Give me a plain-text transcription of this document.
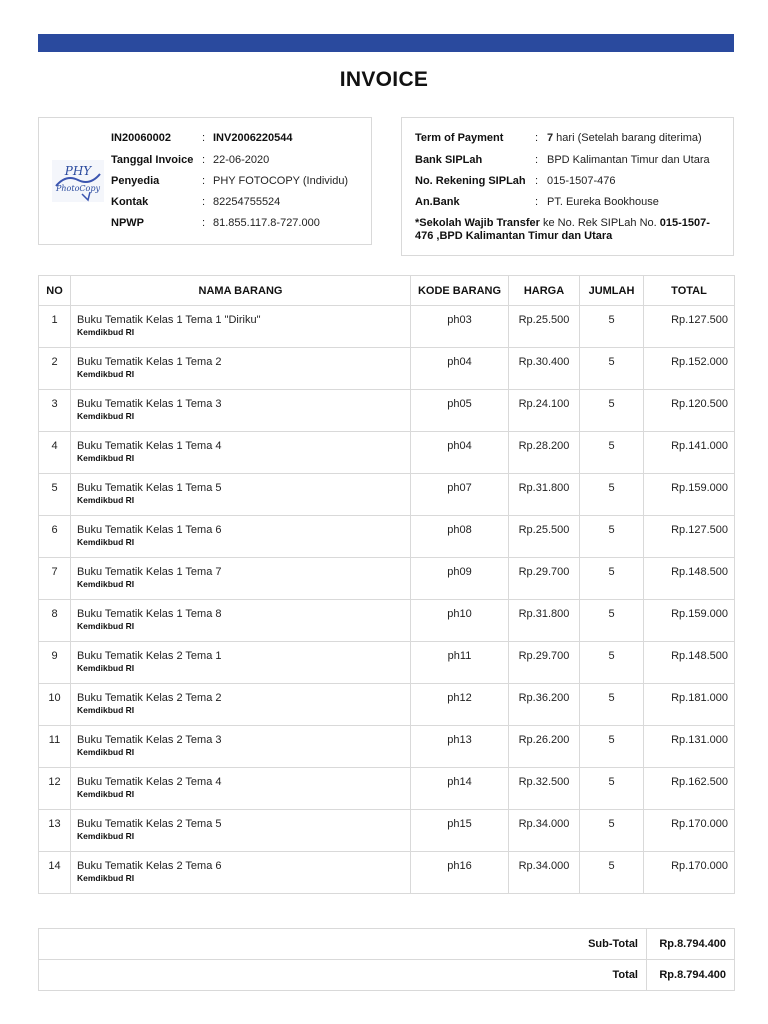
INVOICE
PHY
PhotoCopy
IN20060002	: INV2006220544
Tanggal Invoice : 22-06-2020
Penyedia	: PHY FOTOCOPY (Individu)
Kontak	: 82254755524
NPWP	: 81.855.117.8-727.000
Term of Payment	: 7 hari (Setelah barang diterima)
Bank SIPLah	: BPD Kalimantan Timur dan Utara
No. Rekening SIPLah : 015-1507-476
An.Bank	: PT. Eureka Bookhouse
*Sekolah Wajib Transfer ke No. Rek SIPLah No. 015-1507-476 ,BPD Kalimantan Timur dan Utara
NO	NAMA BARANG	KODE BARANG	HARGA	JUMLAH	TOTAL
1	Buku Tematik Kelas 1 Tema 1 "Diriku"
Kemdikbud RI	ph03	Rp.25.500	5	Rp.127.500
2	Buku Tematik Kelas 1 Tema 2
Kemdikbud RI	ph04	Rp.30.400	5	Rp.152.000
3	Buku Tematik Kelas 1 Tema 3
Kemdikbud RI	ph05	Rp.24.100	5	Rp.120.500
4	Buku Tematik Kelas 1 Tema 4
Kemdikbud RI	ph04	Rp.28.200	5	Rp.141.000
5	Buku Tematik Kelas 1 Tema 5
Kemdikbud RI	ph07	Rp.31.800	5	Rp.159.000
6	Buku Tematik Kelas 1 Tema 6
Kemdikbud RI	ph08	Rp.25.500	5	Rp.127.500
7	Buku Tematik Kelas 1 Tema 7
Kemdikbud RI	ph09	Rp.29.700	5	Rp.148.500
8	Buku Tematik Kelas 1 Tema 8
Kemdikbud RI	ph10	Rp.31.800	5	Rp.159.000
9	Buku Tematik Kelas 2 Tema 1
Kemdikbud RI	ph11	Rp.29.700	5	Rp.148.500
10	Buku Tematik Kelas 2 Tema 2
Kemdikbud RI	ph12	Rp.36.200	5	Rp.181.000
11	Buku Tematik Kelas 2 Tema 3
Kemdikbud RI	ph13	Rp.26.200	5	Rp.131.000
12	Buku Tematik Kelas 2 Tema 4
Kemdikbud RI	ph14	Rp.32.500	5	Rp.162.500
13	Buku Tematik Kelas 2 Tema 5
Kemdikbud RI	ph15	Rp.34.000	5	Rp.170.000
14	Buku Tematik Kelas 2 Tema 6
Kemdikbud RI	ph16	Rp.34.000	5	Rp.170.000
Sub-Total	Rp.8.794.400
Total	Rp.8.794.400
